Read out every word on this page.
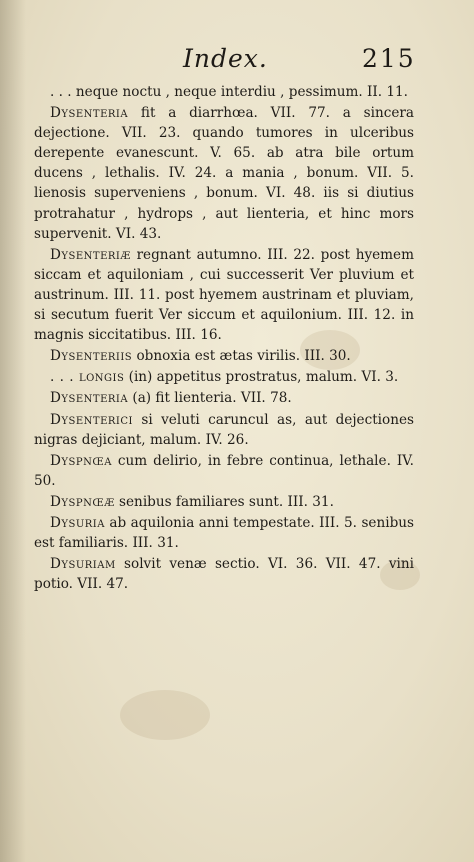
Index.	215

. . . neque noctu , neque interdiu , pessimum. II. 11.

Dysenteria fit a diarrhœa. VII. 77. a sincera dejectione. VII. 23. quando tumores in ulceribus derepente evanescunt. V. 65. ab atra bile ortum ducens , lethalis. IV. 24. a mania , bonum. VII. 5. lienosis superveniens , bonum. VI. 48. iis si diutius protrahatur , hydrops , aut lienteria, et hinc mors supervenit. VI. 43.

Dysenteriæ regnant autumno. III. 22. post hyemem siccam et aquiloniam , cui successerit Ver pluvium et austrinum. III. 11. post hyemem austrinam et pluviam, si secutum fuerit Ver siccum et aquilonium. III. 12. in magnis siccitatibus. III. 16.

Dysenteriis obnoxia est ætas virilis. III. 30.

. . . longis (in) appetitus prostratus, malum. VI. 3.

Dysenteria (a) fit lienteria. VII. 78.

Dysenterici si veluti caruncul as, aut dejectiones nigras dejiciant, malum. IV. 26.

Dyspnœa cum delirio, in febre continua, lethale. IV. 50.

Dyspnœæ senibus familiares sunt. III. 31.

Dysuria ab aquilonia anni tempestate. III. 5. senibus est familiaris. III. 31.

Dysuriam solvit venæ sectio. VI. 36. VII. 47. vini potio. VII. 47.
